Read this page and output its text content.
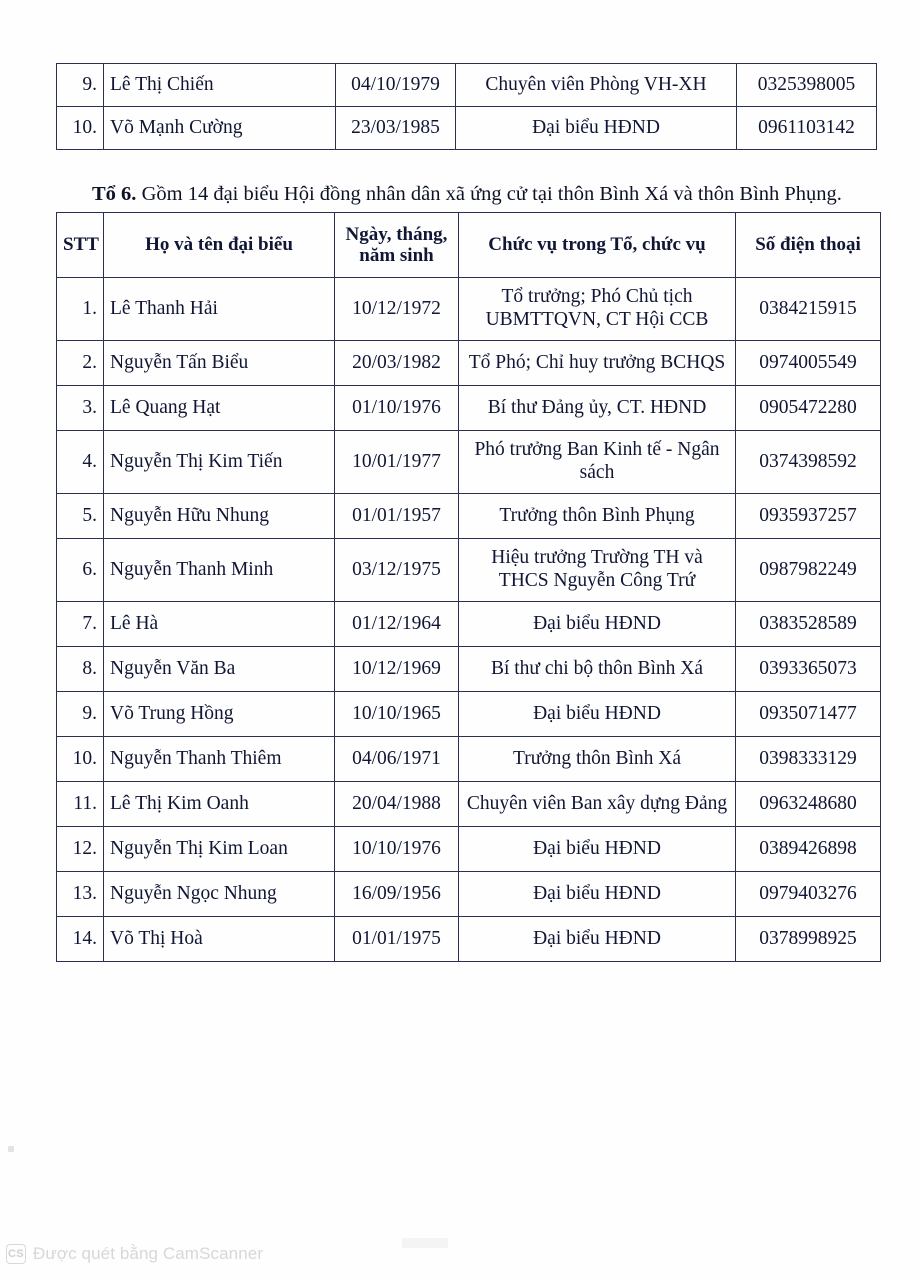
9.	Lê Thị Chiến	04/10/1979	Chuyên viên Phòng VH-XH	0325398005
10.	Võ Mạnh Cường	23/03/1985	Đại biểu HĐND	0961103142

Tổ 6. Gồm 14 đại biểu Hội đồng nhân dân xã ứng cử tại thôn Bình Xá và thôn Bình Phụng.

STT	Họ và tên đại biểu	Ngày, tháng, năm sinh	Chức vụ trong Tổ, chức vụ	Số điện thoại
1.	Lê Thanh Hải	10/12/1972	Tổ trưởng; Phó Chủ tịch UBMTTQVN, CT Hội CCB	0384215915
2.	Nguyễn Tấn Biểu	20/03/1982	Tổ Phó; Chỉ huy trưởng BCHQS	0974005549
3.	Lê Quang Hạt	01/10/1976	Bí thư Đảng ủy, CT. HĐND	0905472280
4.	Nguyễn Thị Kim Tiến	10/01/1977	Phó trưởng Ban Kinh tế - Ngân sách	0374398592
5.	Nguyễn Hữu Nhung	01/01/1957	Trưởng thôn Bình Phụng	0935937257
6.	Nguyễn Thanh Minh	03/12/1975	Hiệu trưởng Trường TH và THCS Nguyễn Công Trứ	0987982249
7.	Lê Hà	01/12/1964	Đại biểu HĐND	0383528589
8.	Nguyễn Văn Ba	10/12/1969	Bí thư chi bộ thôn Bình Xá	0393365073
9.	Võ Trung Hồng	10/10/1965	Đại biểu HĐND	0935071477
10.	Nguyễn Thanh Thiêm	04/06/1971	Trưởng thôn Bình Xá	0398333129
11.	Lê Thị Kim Oanh	20/04/1988	Chuyên viên Ban xây dựng Đảng	0963248680
12.	Nguyễn Thị Kim Loan	10/10/1976	Đại biểu HĐND	0389426898
13.	Nguyễn Ngọc Nhung	16/09/1956	Đại biểu HĐND	0979403276
14.	Võ Thị Hoà	01/01/1975	Đại biểu HĐND	0378998925
CS Được quét bằng CamScanner
